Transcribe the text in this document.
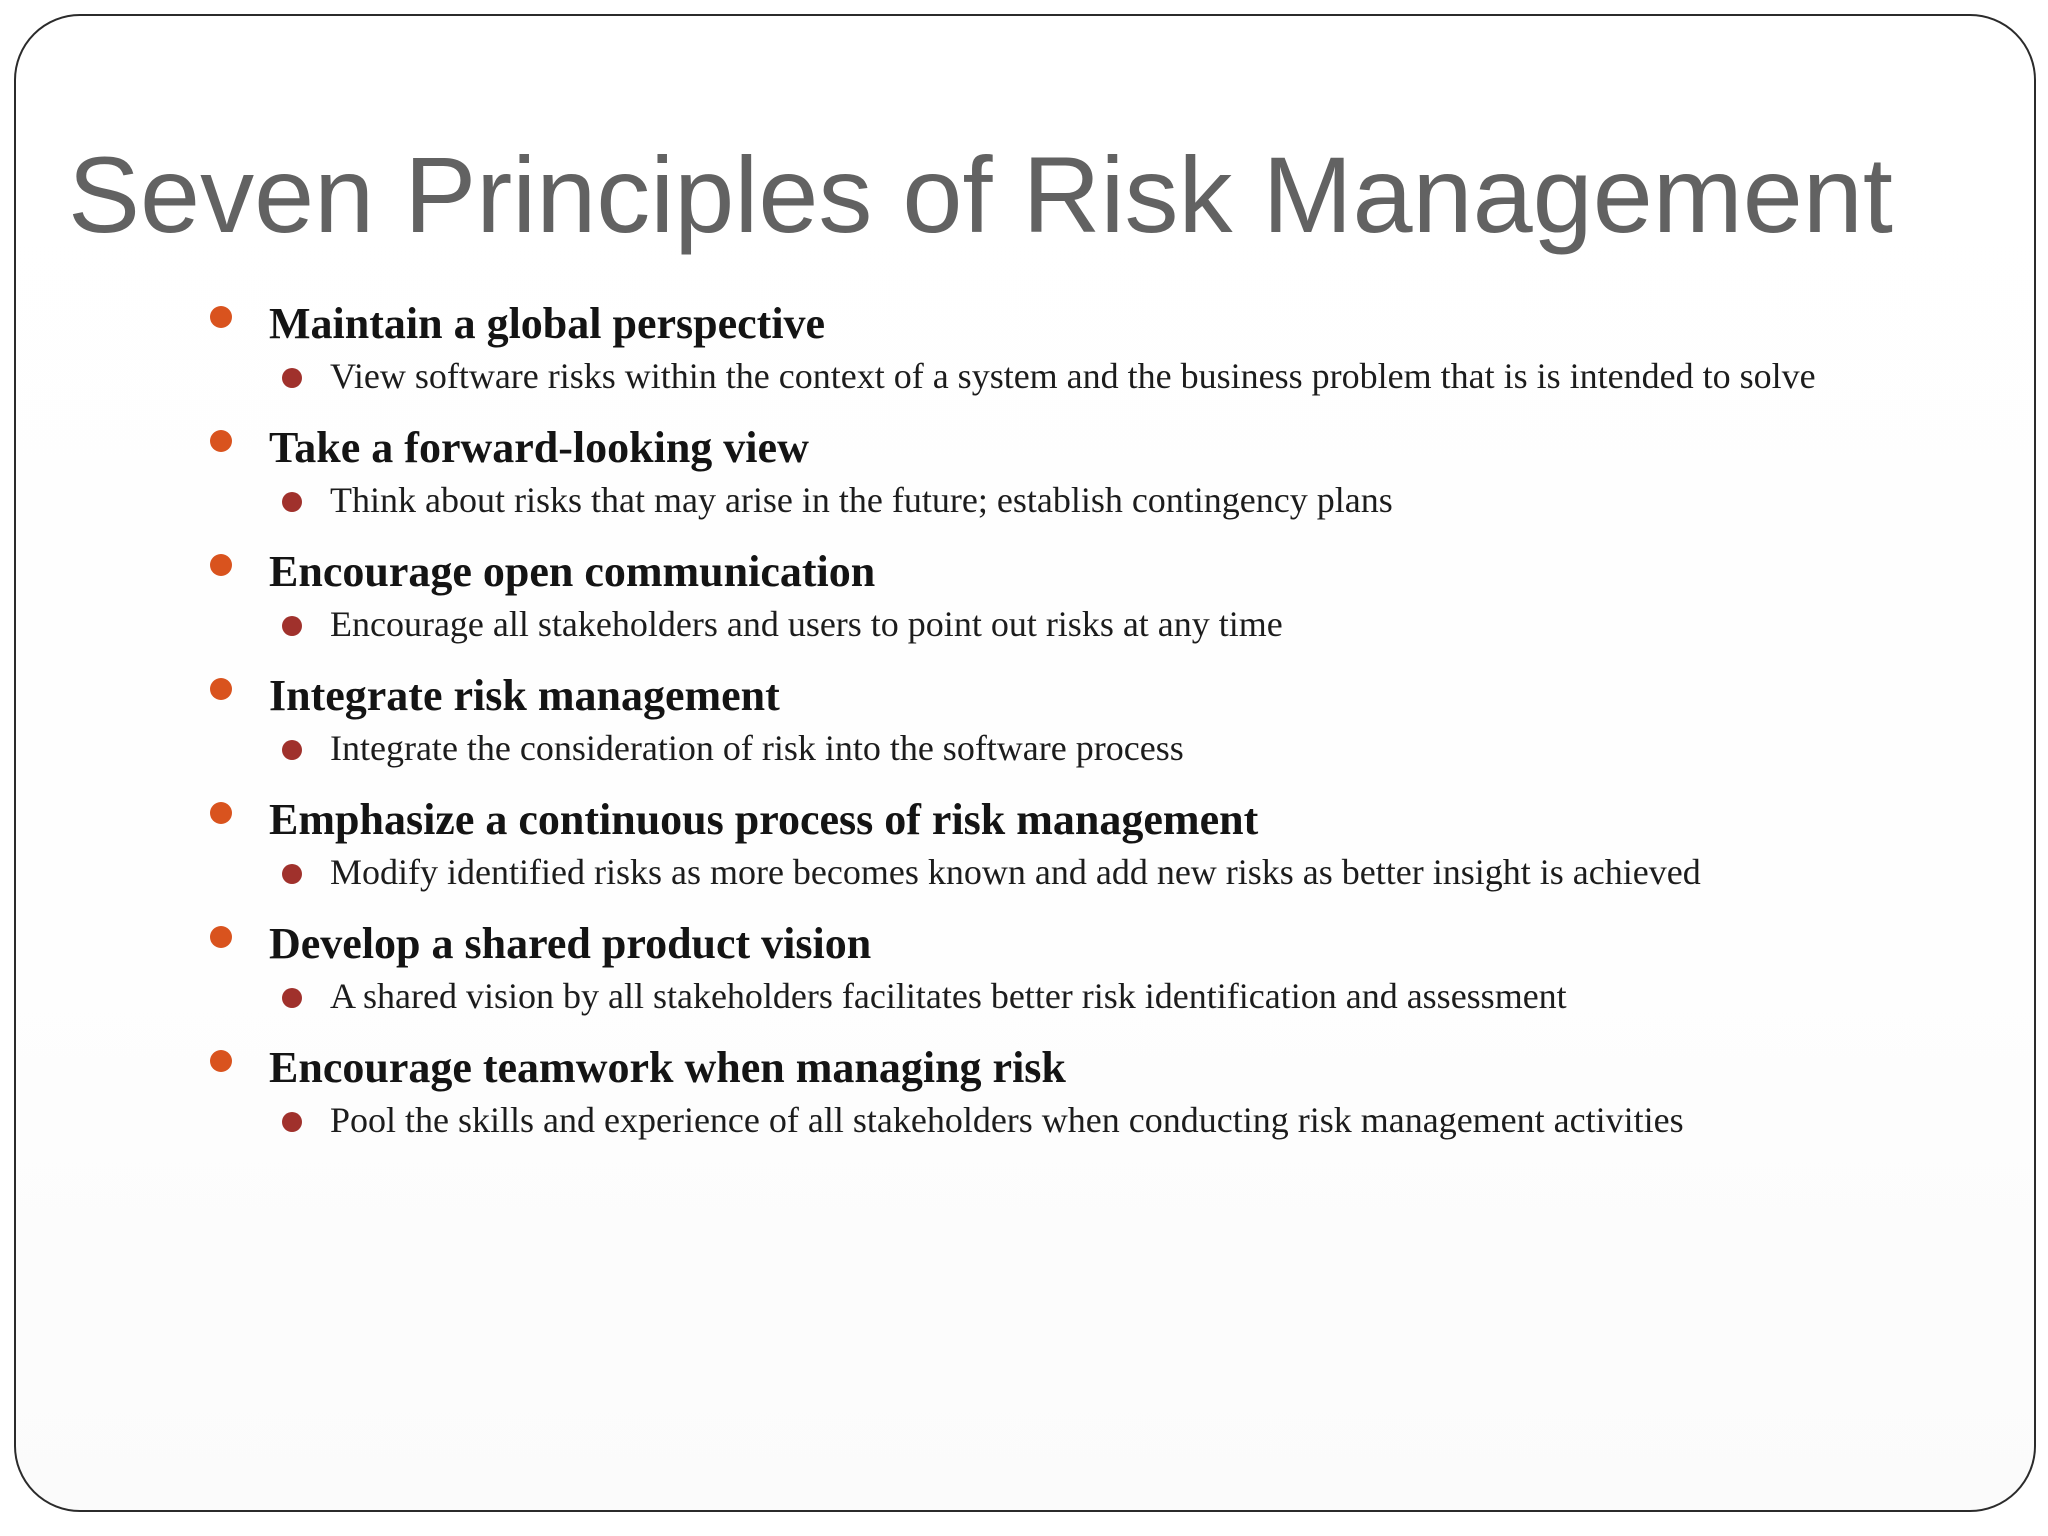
Seven Principles of Risk Management
Maintain a global perspective
View software risks within the context of a system and the business problem that is is intended to solve
Take a forward-looking view
Think about risks that may arise in the future; establish contingency plans
Encourage open communication
Encourage all stakeholders and users to point out risks at any time
Integrate risk management
Integrate the consideration of risk into the software process
Emphasize a continuous process of risk management
Modify identified risks as more becomes known and add new risks as better insight is achieved
Develop a shared product vision
A shared vision by all stakeholders facilitates better risk identification and assessment
Encourage teamwork when managing risk
Pool the skills and experience of all stakeholders when conducting risk management activities
